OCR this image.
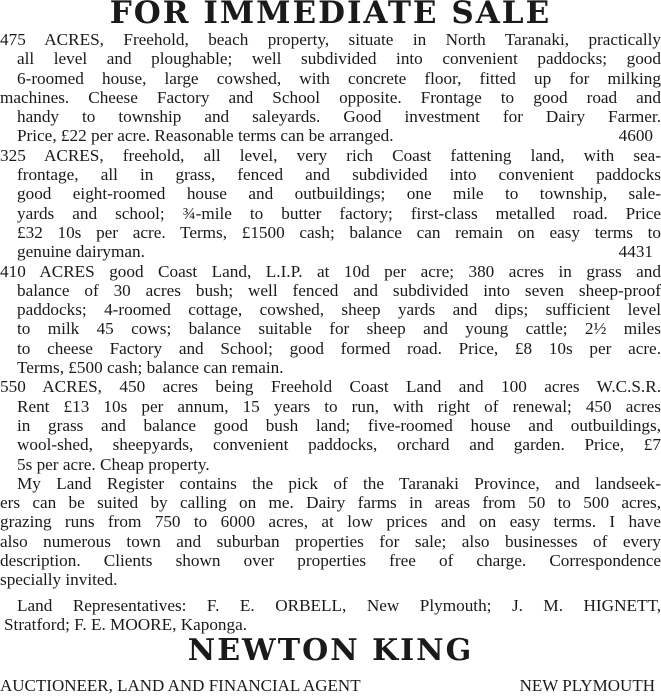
FOR IMMEDIATE SALE
475 ACRES, Freehold, beach property, situate in North Taranaki, practically
all level and ploughable; well subdivided into convenient paddocks; good
6-roomed house, large cowshed, with concrete floor, fitted up for milking
machines. Cheese Factory and School opposite. Frontage to good road and
handy to township and saleyards. Good investment for Dairy Farmer.
Price, £22 per acre. Reasonable terms can be arranged.	4600
325 ACRES, freehold, all level, very rich Coast fattening land, with sea-
frontage, all in grass, fenced and subdivided into convenient paddocks
good eight-roomed house and outbuildings; one mile to township, sale-
yards and school; ¾-mile to butter factory; first-class metalled road. Price
£32 10s per acre. Terms, £1500 cash; balance can remain on easy terms to
genuine dairyman.	4431
410 ACRES good Coast Land, L.I.P. at 10d per acre; 380 acres in grass and
balance of 30 acres bush; well fenced and subdivided into seven sheep-proof
paddocks; 4-roomed cottage, cowshed, sheep yards and dips; sufficient level
to milk 45 cows; balance suitable for sheep and young cattle; 2½ miles
to cheese Factory and School; good formed road. Price, £8 10s per acre.
Terms, £500 cash; balance can remain.
550 ACRES, 450 acres being Freehold Coast Land and 100 acres W.C.S.R.
Rent £13 10s per annum, 15 years to run, with right of renewal; 450 acres
in grass and balance good bush land; five-roomed house and outbuildings,
wool-shed, sheepyards, convenient paddocks, orchard and garden. Price, £7
5s per acre. Cheap property.
My Land Register contains the pick of the Taranaki Province, and landseek-
ers can be suited by calling on me. Dairy farms in areas from 50 to 500 acres,
grazing runs from 750 to 6000 acres, at low prices and on easy terms. I have
also numerous town and suburban properties for sale; also businesses of every
description. Clients shown over properties free of charge. Correspondence
specially invited.
Land Representatives: F. E. ORBELL, New Plymouth; J. M. HIGNETT,
Stratford; F. E. MOORE, Kaponga.
NEWTON KING
AUCTIONEER, LAND AND FINANCIAL AGENT	NEW PLYMOUTH
